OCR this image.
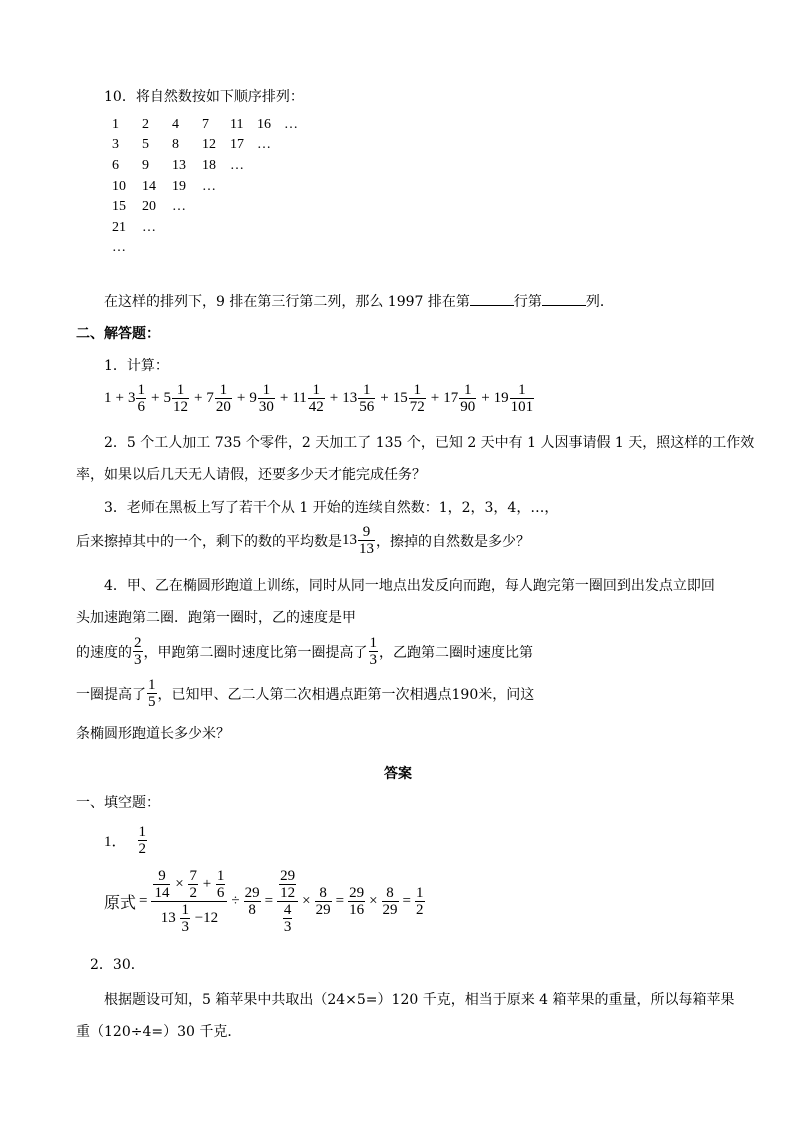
10．将自然数按如下顺序排列：
1 2 4 7 11 16 …
3 5 8 12 17 …
6 9 13 18 …
10 14 19 …
15 20 …
21 …
…
在这样的排列下，9 排在第三行第二列，那么 1997 排在第	行第	列．
二、解答题：
1．计算：
$1 + 3 \frac{1}{6} + 5 \frac{1}{12} + 7 \frac{1}{20} + 9 \frac{1}{30} + 11 \frac{1}{42} + 13 \frac{1}{56} + 15 \frac{1}{72} + 17 \frac{1}{90} + 19 \frac{1}{101}$
2．5 个工人加工 735 个零件，2 天加工了 135 个，已知 2 天中有 1 人因事请假 1 天，照这样的工作效
率，如果以后几天无人请假，还要多少天才能完成任务？
3．老师在黑板上写了若干个从 1 开始的连续自然数：1，2，3，4，…，
后来擦掉其中的一个，剩下的数的平均数是 $13 \frac{9}{13}$ ，擦掉的自然数是多少？
4．甲、乙在椭圆形跑道上训练，同时从同一地点出发反向而跑，每人跑完第一圈回到出发点立即回
头加速跑第二圈．跑第一圈时，乙的速度是甲
的速度的 $\frac{2}{3}$ ，甲跑第二圈时速度比第一圈提高了 $\frac{1}{3}$ ，乙跑第二圈时速度比第
一圈提高了 $\frac{1}{5}$ ，已知甲、乙二人第二次相遇点距第一次相遇点190米，问这
条椭圆形跑道长多少米？
答案
一、填空题：
1． $\frac{1}{2}$
原式 = $\frac{\frac{9}{14} \times \frac{7}{2} + \frac{1}{6}}{13 \frac{1}{3} -12} \div \frac{29}{8} = \frac{\frac{29}{12}}{\frac{4}{3}} \times \frac{8}{29} = \frac{29}{16} \times \frac{8}{29} = \frac{1}{2}$
2．30．
根据题设可知，5 箱苹果中共取出（24×5=）120 千克，相当于原来 4 箱苹果的重量，所以每箱苹果
重（120÷4=）30 千克．
